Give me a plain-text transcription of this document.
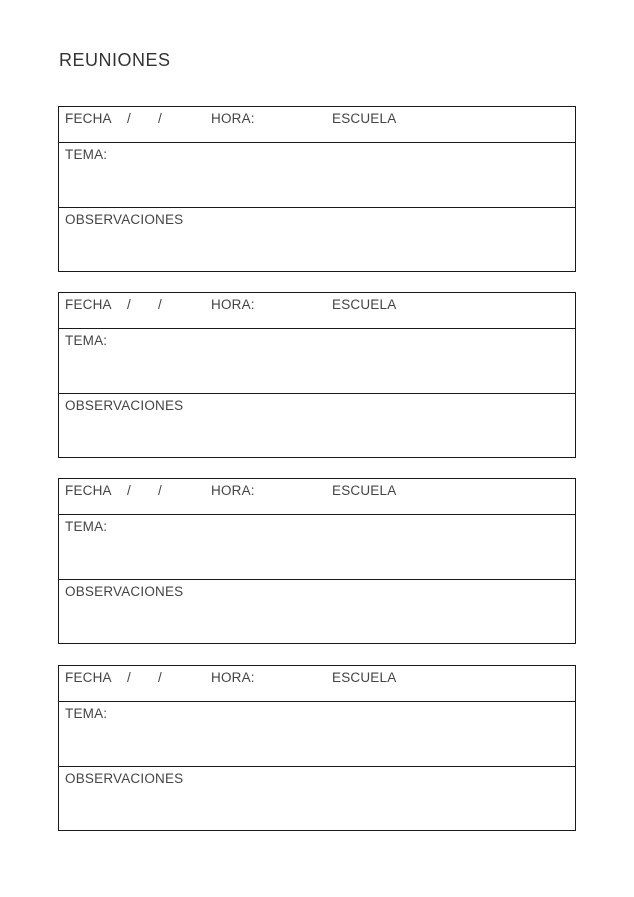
REUNIONES
FECHA / /	HORA:	ESCUELA
TEMA:
OBSERVACIONES
FECHA / /	HORA:	ESCUELA
TEMA:
OBSERVACIONES
FECHA / /	HORA:	ESCUELA
TEMA:
OBSERVACIONES
FECHA / /	HORA:	ESCUELA
TEMA:
OBSERVACIONES
